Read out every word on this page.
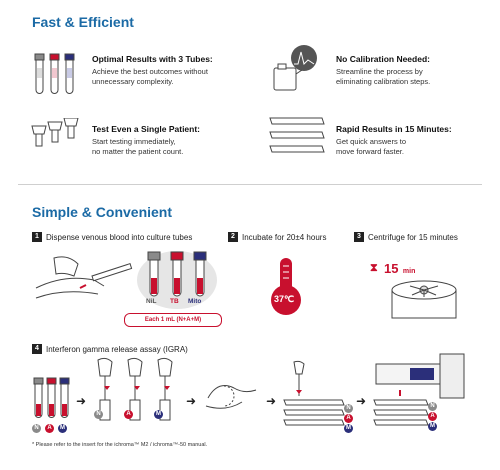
Fast & Efficient
Optimal Results with 3 Tubes:
Achieve the best outcomes without
unnecessary complexity.
No Calibration Needed:
Streamline the process by
eliminating calibration steps.
Test Even a Single Patient:
Start testing immediately,
no matter the patient count.
Rapid Results in 15 Minutes:
Get quick answers to
move forward faster.
Simple & Convenient
1 Dispense venous blood into culture tubes
NiL TB Mito
Each 1 mL (N+A+M)
2 Incubate for 20±4 hours
37℃
3 Centrifuge for 15 minutes
⧗ 15 min
4 Interferon gamma release assay (IGRA)
N	A	M
➜
N	A	M
➜	➜	N
A
M
➜	N
A
M
* Please refer to the insert for the ichroma™ M2 / ichroma™-50 manual.
